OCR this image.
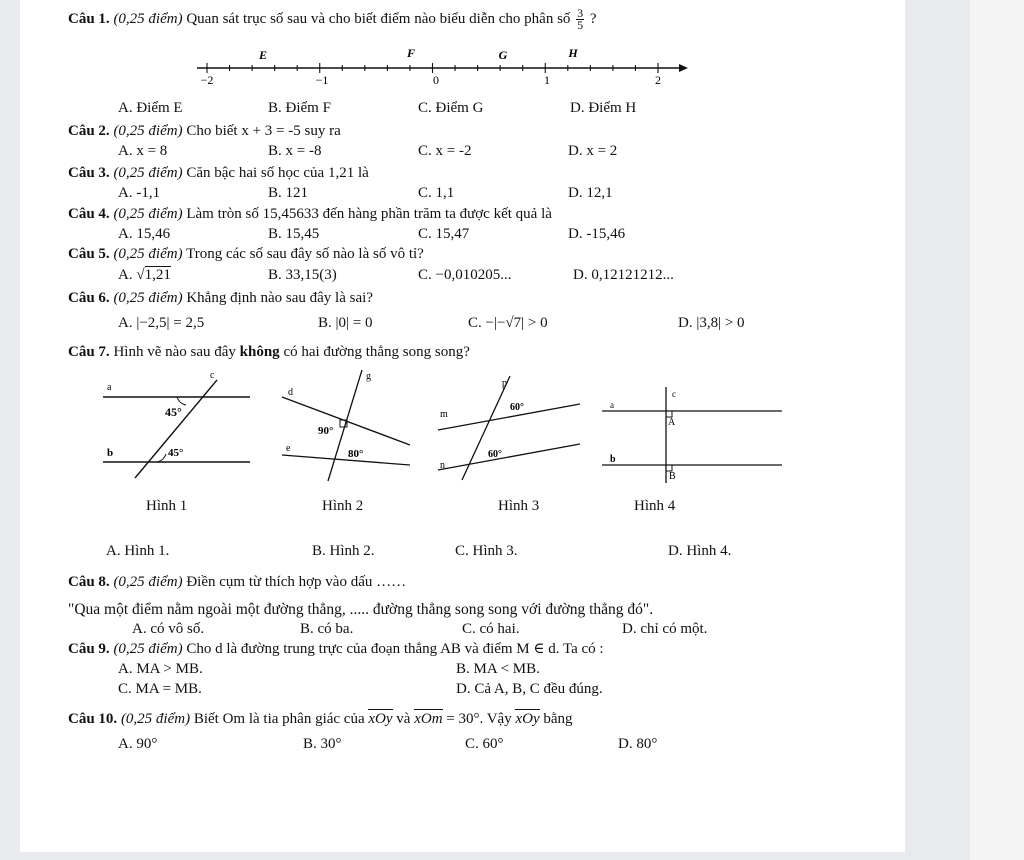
Câu 1. (0,25 điểm) Quan sát trục số sau và cho biết điểm nào biểu diễn cho phân số $\frac{3}{5}$ ?
−2	−1	0	1	2
E	F	G	H
A. Điểm E	B. Điểm F	C. Điểm G	D. Điểm H
Câu 2. (0,25 điểm) Cho biết x + 3 = -5 suy ra
A. x = 8	B. x = -8	C. x = -2	D. x = 2
Câu 3. (0,25 điểm) Căn bậc hai số học của 1,21 là
A. -1,1	B. 121	C. 1,1	D. 12,1
Câu 4. (0,25 điểm) Làm tròn số 15,45633 đến hàng phần trăm ta được kết quả là
A. 15,46	B. 15,45	C. 15,47	D. -15,46
Câu 5. (0,25 điểm) Trong các số sau đây số nào là số vô tỉ?
A. √1,21	B. 33,15(3)	C. −0,010205...	D. 0,12121212...
Câu 6. (0,25 điểm) Khẳng định nào sau đây là sai?
A. |−2,5| = 2,5	B. |0| = 0	C. −|−√7| > 0	D. |3,8| > 0
Câu 7. Hình vẽ nào sau đây không có hai đường thẳng song song?
a
b
c
45°
45°
d
e
g
90°
80°
m
n
p
60°
60°
a
b
c
A
B
Hình 1	Hình 2	Hình 3	Hình 4
A. Hình 1.	B. Hình 2.	C. Hình 3.	D. Hình 4.
Câu 8. (0,25 điểm) Điền cụm từ thích hợp vào dấu ……
"Qua một điểm nằm ngoài một đường thẳng, ..... đường thẳng song song với đường thẳng đó".
A. có vô số.	B. có ba.	C. có hai.	D. chỉ có một.
Câu 9. (0,25 điểm) Cho d là đường trung trực của đoạn thẳng AB và điểm M ∈ d. Ta có :
A. MA > MB.	B. MA < MB.
C. MA = MB.	D. Cả A, B, C đều đúng.
Câu 10. (0,25 điểm) Biết Om là tia phân giác của xOy và xOm = 30°. Vậy xOy bằng
A. 90°	B. 30°	C. 60°	D. 80°
